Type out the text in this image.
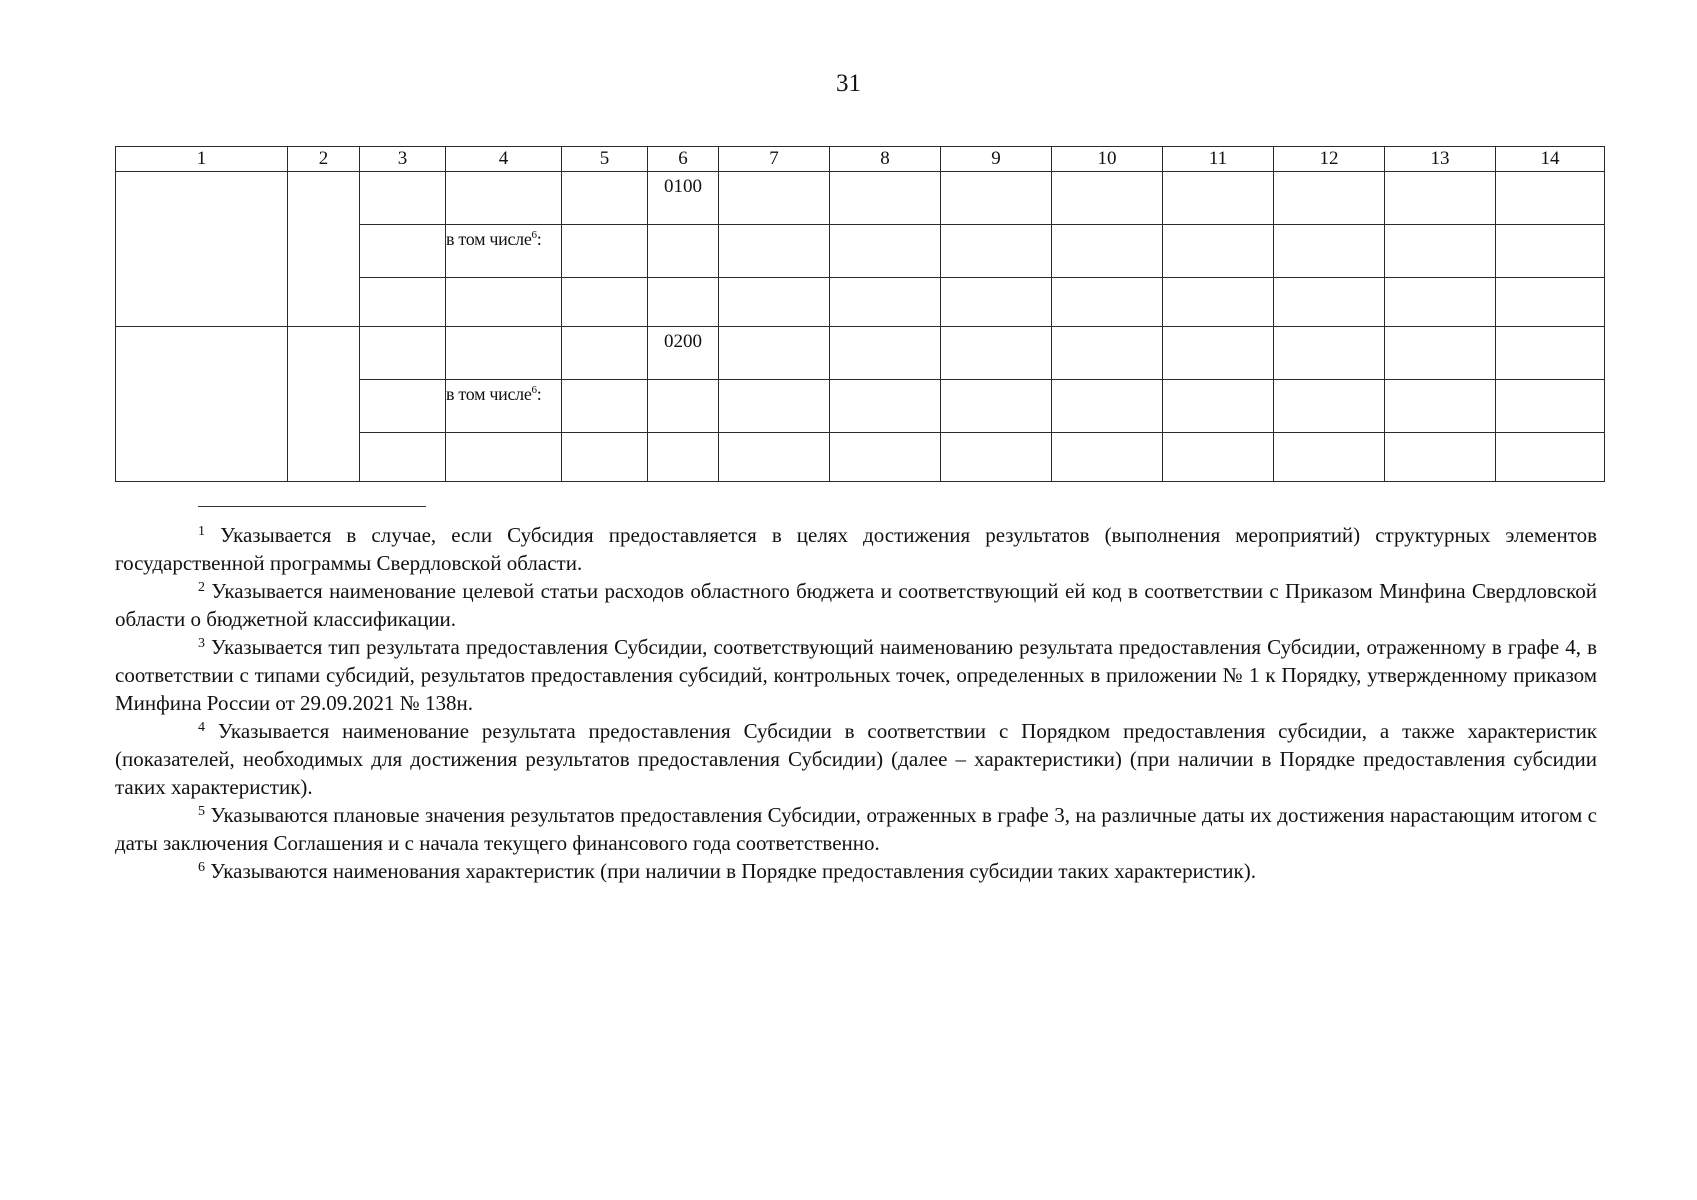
31
1	2	3	4	5	6	7	8	9	10	11	12	13	14
					0100								
			в том числе$^6$:										

					0200								
			в том числе$^6$:										

$^1$ Указывается в случае, если Субсидия предоставляется в целях достижения результатов (выполнения мероприятий) структурных элементов государственной программы Свердловской области.

$^2$ Указывается наименование целевой статьи расходов областного бюджета и соответствующий ей код в соответствии с Приказом Минфина Свердловской области о бюджетной классификации.

$^3$ Указывается тип результата предоставления Субсидии, соответствующий наименованию результата предоставления Субсидии, отраженному в графе 4, в соответствии с типами субсидий, результатов предоставления субсидий, контрольных точек, определенных в приложении № 1 к Порядку, утвержденному приказом Минфина России от 29.09.2021 № 138н.

$^4$ Указывается наименование результата предоставления Субсидии в соответствии с Порядком предоставления субсидии, а также характеристик (показателей, необходимых для достижения результатов предоставления Субсидии) (далее – характеристики) (при наличии в Порядке предоставления субсидии таких характеристик).

$^5$ Указываются плановые значения результатов предоставления Субсидии, отраженных в графе 3, на различные даты их достижения нарастающим итогом с даты заключения Соглашения и с начала текущего финансового года соответственно.

$^6$ Указываются наименования характеристик (при наличии в Порядке предоставления субсидии таких характеристик).
